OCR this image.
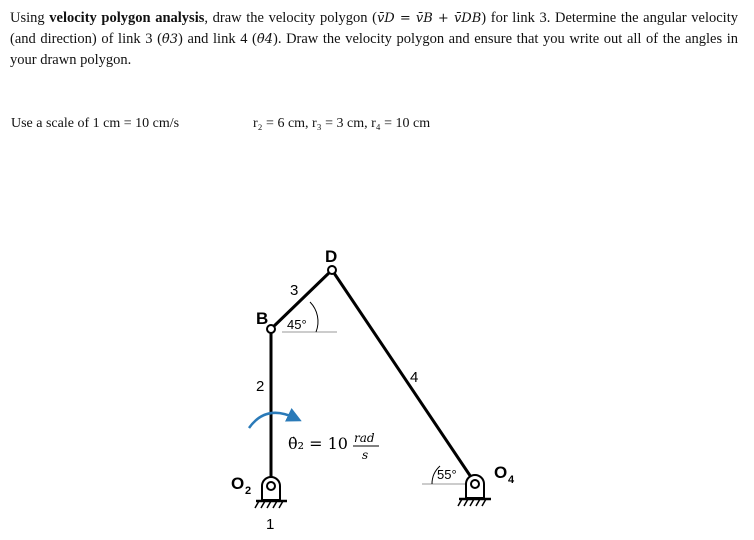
Using velocity polygon analysis, draw the velocity polygon (v̄D = v̄B + v̄DB) for link 3. Determine the angular velocity (and direction) of link 3 (θ̇3) and link 4 (θ̇4). Draw the velocity polygon and ensure that you write out all of the angles in your drawn polygon.
Use a scale of 1 cm = 10 cm/s	r₂ = 6 cm, r₃ = 3 cm, r₄ = 10 cm
D
B
3
2
4
1
45°
55°
O 2
O 4
θ̇₂ = 10 rad
s
